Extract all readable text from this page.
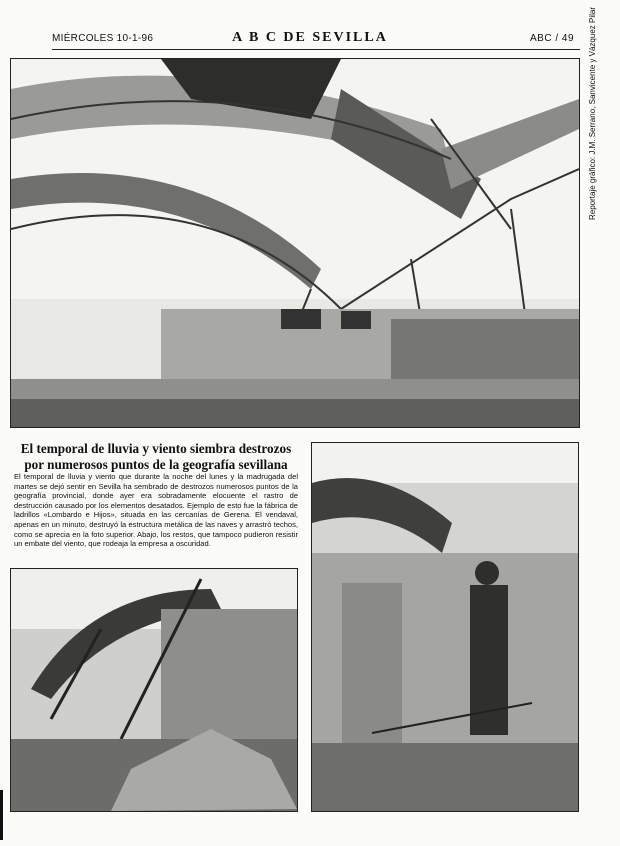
MIÉRCOLES 10-1-96	A B C DE SEVILLA	ABC / 49 Reportaje gráfico: J.M. Serrano, Sanvicente y Vázquez Pilar
El temporal de lluvia y viento siembra destrozos
por numerosos puntos de la geografía sevillana
El temporal de lluvia y viento que durante la noche del lunes y la madrugada del martes se dejó sentir en Sevilla ha sembrado de destrozos numerosos puntos de la geografía provincial, donde ayer era sobradamente elocuente el rastro de destrucción causado por los elementos desatados. Ejemplo de esto fue la fábrica de ladrillos «Lombardo e Hijos», situada en las cercanías de Gerena. El vendaval, apenas en un minuto, destruyó la estructura metálica de las naves y arrastró techos, como se aprecia en la foto superior. Abajo, los restos, que tampoco pudieron resistir un embate del viento, que rodeaja la empresa a oscuridad.
